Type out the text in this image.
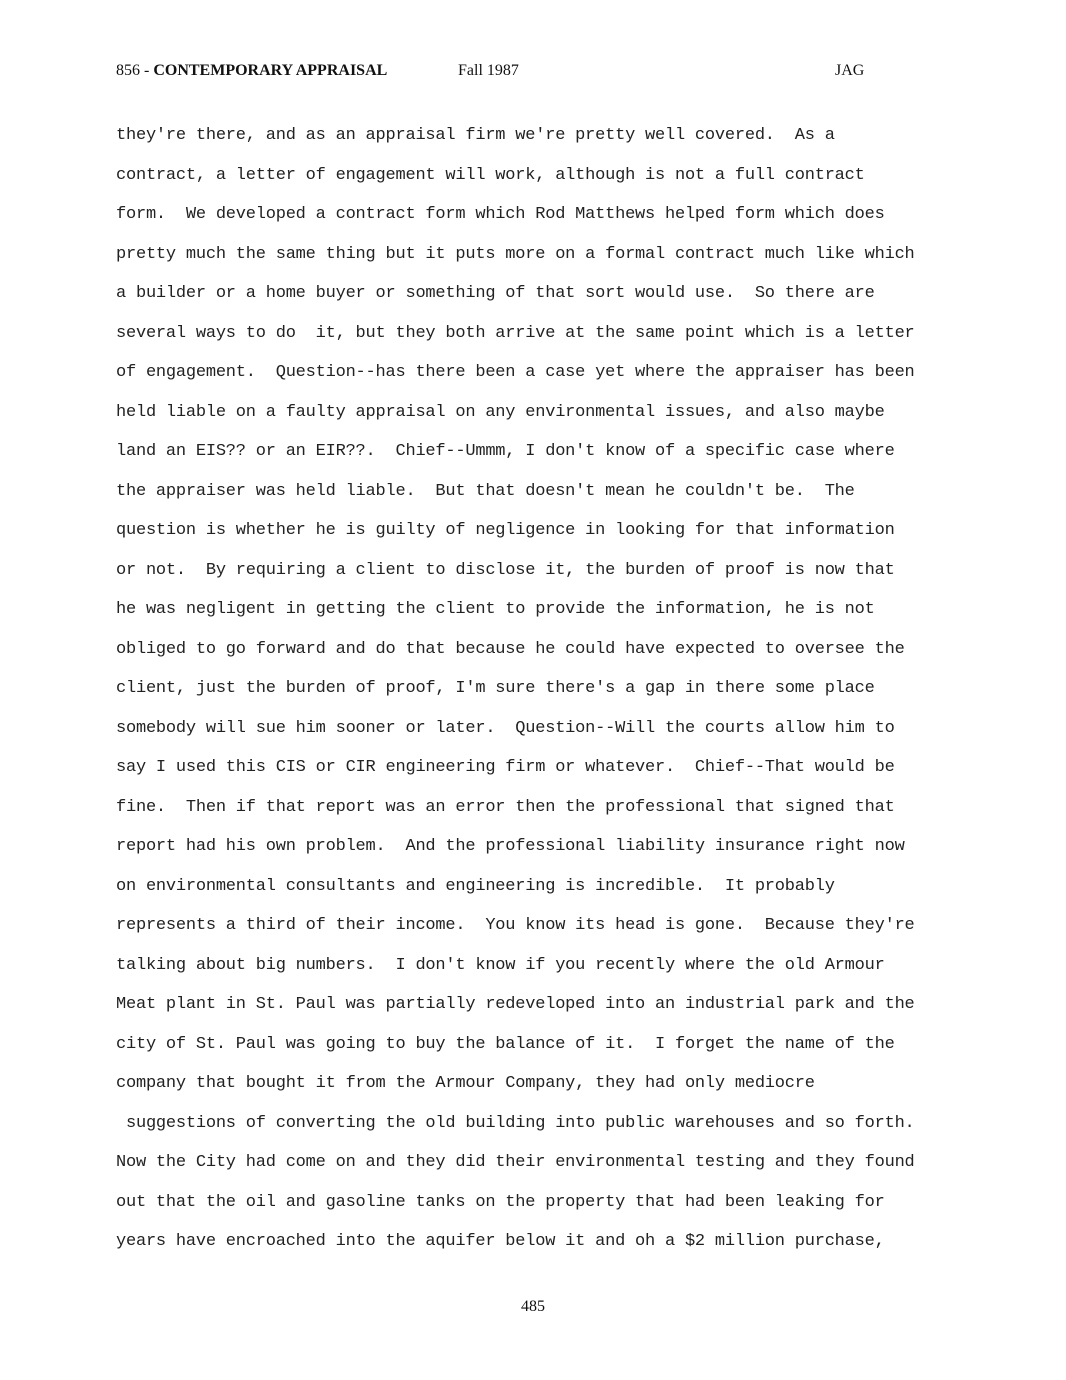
856 - CONTEMPORARY APPRAISAL	Fall 1987	JAG
they're there, and as an appraisal firm we're pretty well covered.  As a
contract, a letter of engagement will work, although is not a full contract
form.  We developed a contract form which Rod Matthews helped form which does
pretty much the same thing but it puts more on a formal contract much like which
a builder or a home buyer or something of that sort would use.  So there are
several ways to do  it, but they both arrive at the same point which is a letter
of engagement.  Question--has there been a case yet where the appraiser has been
held liable on a faulty appraisal on any environmental issues, and also maybe
land an EIS?? or an EIR??.  Chief--Ummm, I don't know of a specific case where
the appraiser was held liable.  But that doesn't mean he couldn't be.  The
question is whether he is guilty of negligence in looking for that information
or not.  By requiring a client to disclose it, the burden of proof is now that
he was negligent in getting the client to provide the information, he is not
obliged to go forward and do that because he could have expected to oversee the
client, just the burden of proof, I'm sure there's a gap in there some place
somebody will sue him sooner or later.  Question--Will the courts allow him to
say I used this CIS or CIR engineering firm or whatever.  Chief--That would be
fine.  Then if that report was an error then the professional that signed that
report had his own problem.  And the professional liability insurance right now
on environmental consultants and engineering is incredible.  It probably
represents a third of their income.  You know its head is gone.  Because they're
talking about big numbers.  I don't know if you recently where the old Armour
Meat plant in St. Paul was partially redeveloped into an industrial park and the
city of St. Paul was going to buy the balance of it.  I forget the name of the
company that bought it from the Armour Company, they had only mediocre
suggestions of converting the old building into public warehouses and so forth.
Now the City had come on and they did their environmental testing and they found
out that the oil and gasoline tanks on the property that had been leaking for
years have encroached into the aquifer below it and oh a $2 million purchase,
485
